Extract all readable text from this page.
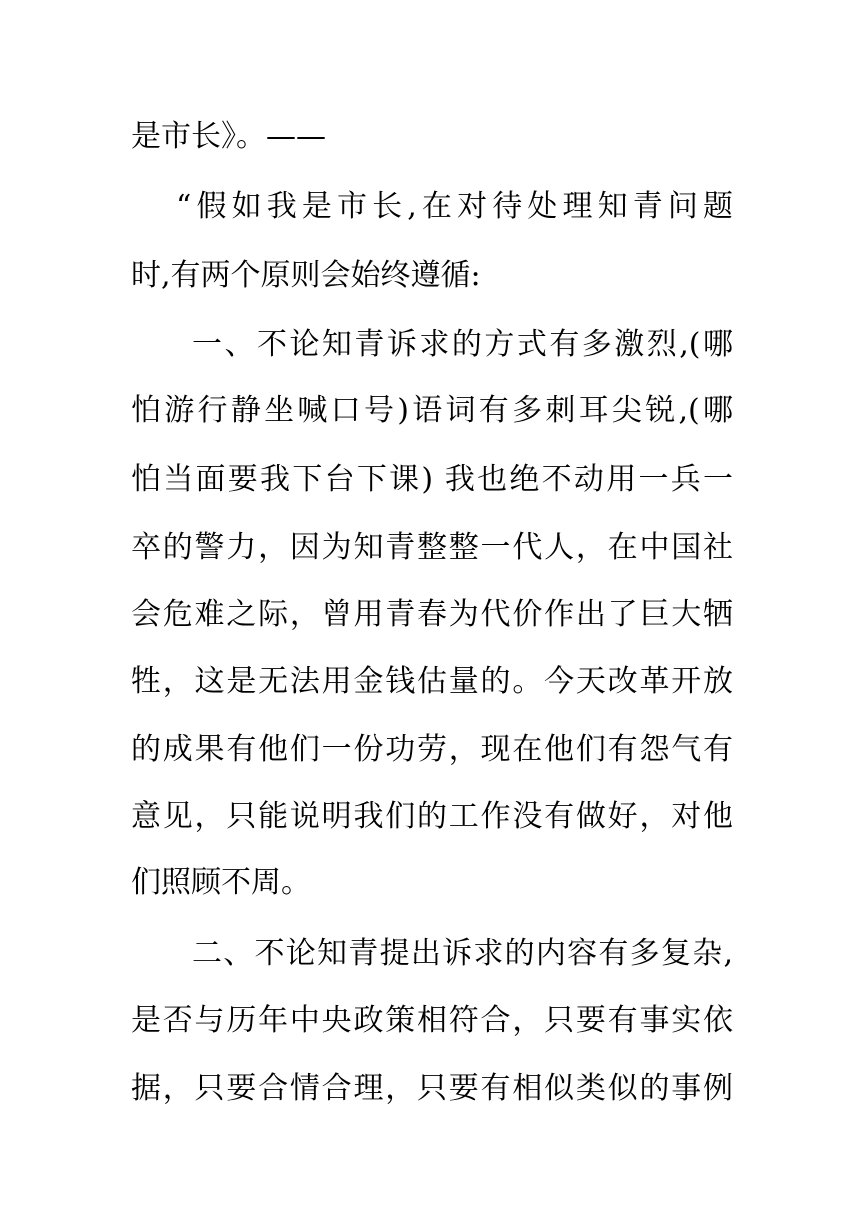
是市长》。——
“假如我是市长,在对待处理知青问题
时,有两个原则会始终遵循:
一、不论知青诉求的方式有多激烈,(哪
怕游行静坐喊口号)语词有多刺耳尖锐,(哪
怕当面要我下台下课) 我也绝不动用一兵一
卒的警力，因为知青整整一代人，在中国社
会危难之际，曾用青春为代价作出了巨大牺
牲，这是无法用金钱估量的。今天改革开放
的成果有他们一份功劳，现在他们有怨气有
意见，只能说明我们的工作没有做好，对他
们照顾不周。
二、不论知青提出诉求的内容有多复杂,
是否与历年中央政策相符合，只要有事实依
据，只要合情合理，只要有相似类似的事例
